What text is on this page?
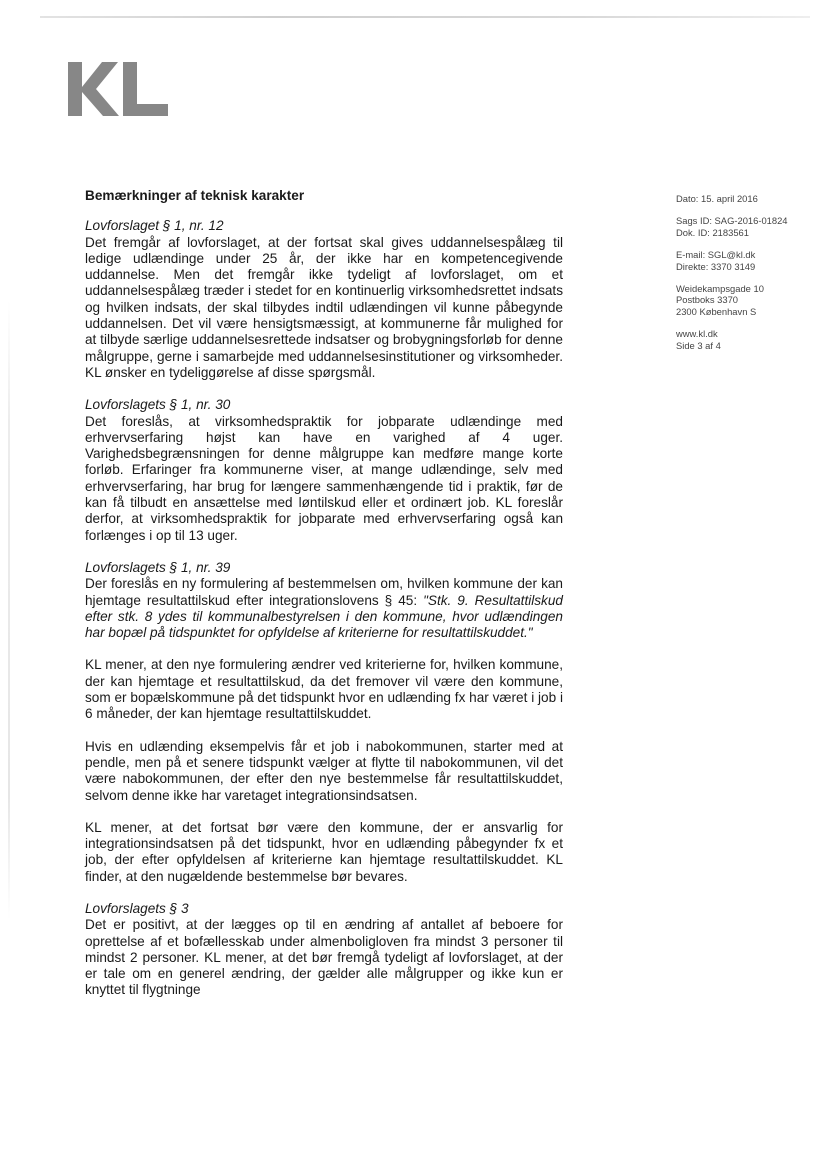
Bemærkninger af teknisk karakter
Lovforslaget § 1, nr. 12

Det fremgår af lovforslaget, at der fortsat skal gives uddannelsespålæg til ledige udlændinge under 25 år, der ikke har en kompetencegivende uddannelse. Men det fremgår ikke tydeligt af lovforslaget, om et uddannelsespålæg træder i stedet for en kontinuerlig virksomhedsrettet indsats og hvilken indsats, der skal tilbydes indtil udlændingen vil kunne påbegynde uddannelsen. Det vil være hensigtsmæssigt, at kommunerne får mulighed for at tilbyde særlige uddannelsesrettede indsatser og brobygningsforløb for denne målgruppe, gerne i samarbejde med uddannelsesinstitutioner og virksomheder. KL ønsker en tydeliggørelse af disse spørgsmål.

Lovforslagets § 1, nr. 30

Det foreslås, at virksomhedspraktik for jobparate udlændinge med erhvervserfaring højst kan have en varighed af 4 uger. Varighedsbegrænsningen for denne målgruppe kan medføre mange korte forløb. Erfaringer fra kommunerne viser, at mange udlændinge, selv med erhvervserfaring, har brug for længere sammenhængende tid i praktik, før de kan få tilbudt en ansættelse med løntilskud eller et ordinært job. KL foreslår derfor, at virksomhedspraktik for jobparate med erhvervserfaring også kan forlænges i op til 13 uger.

Lovforslagets § 1, nr. 39

Der foreslås en ny formulering af bestemmelsen om, hvilken kommune der kan hjemtage resultattilskud efter integrationslovens § 45: "Stk. 9. Resultattilskud efter stk. 8 ydes til kommunalbestyrelsen i den kommune, hvor udlændingen har bopæl på tidspunktet for opfyldelse af kriterierne for resultattilskuddet."

KL mener, at den nye formulering ændrer ved kriterierne for, hvilken kommune, der kan hjemtage et resultattilskud, da det fremover vil være den kommune, som er bopælskommune på det tidspunkt hvor en udlænding fx har været i job i 6 måneder, der kan hjemtage resultattilskuddet.

Hvis en udlænding eksempelvis får et job i nabokommunen, starter med at pendle, men på et senere tidspunkt vælger at flytte til nabokommunen, vil det være nabokommunen, der efter den nye bestemmelse får resultattilskuddet, selvom denne ikke har varetaget integrationsindsatsen.

KL mener, at det fortsat bør være den kommune, der er ansvarlig for integrationsindsatsen på det tidspunkt, hvor en udlænding påbegynder fx et job, der efter opfyldelsen af kriterierne kan hjemtage resultattilskuddet. KL finder, at den nugældende bestemmelse bør bevares.

Lovforslagets § 3

Det er positivt, at der lægges op til en ændring af antallet af beboere for oprettelse af et bofællesskab under almenboligloven fra mindst 3 personer til mindst 2 personer. KL mener, at det bør fremgå tydeligt af lovforslaget, at der er tale om en generel ændring, der gælder alle målgrupper og ikke kun er knyttet til flygtninge

Dato: 15. april 2016
Sags ID: SAG-2016-01824
Dok. ID: 2183561
E-mail: SGL@kl.dk
Direkte: 3370 3149
Weidekampsgade 10
Postboks 3370
2300 København S
www.kl.dk
Side 3 af 4
